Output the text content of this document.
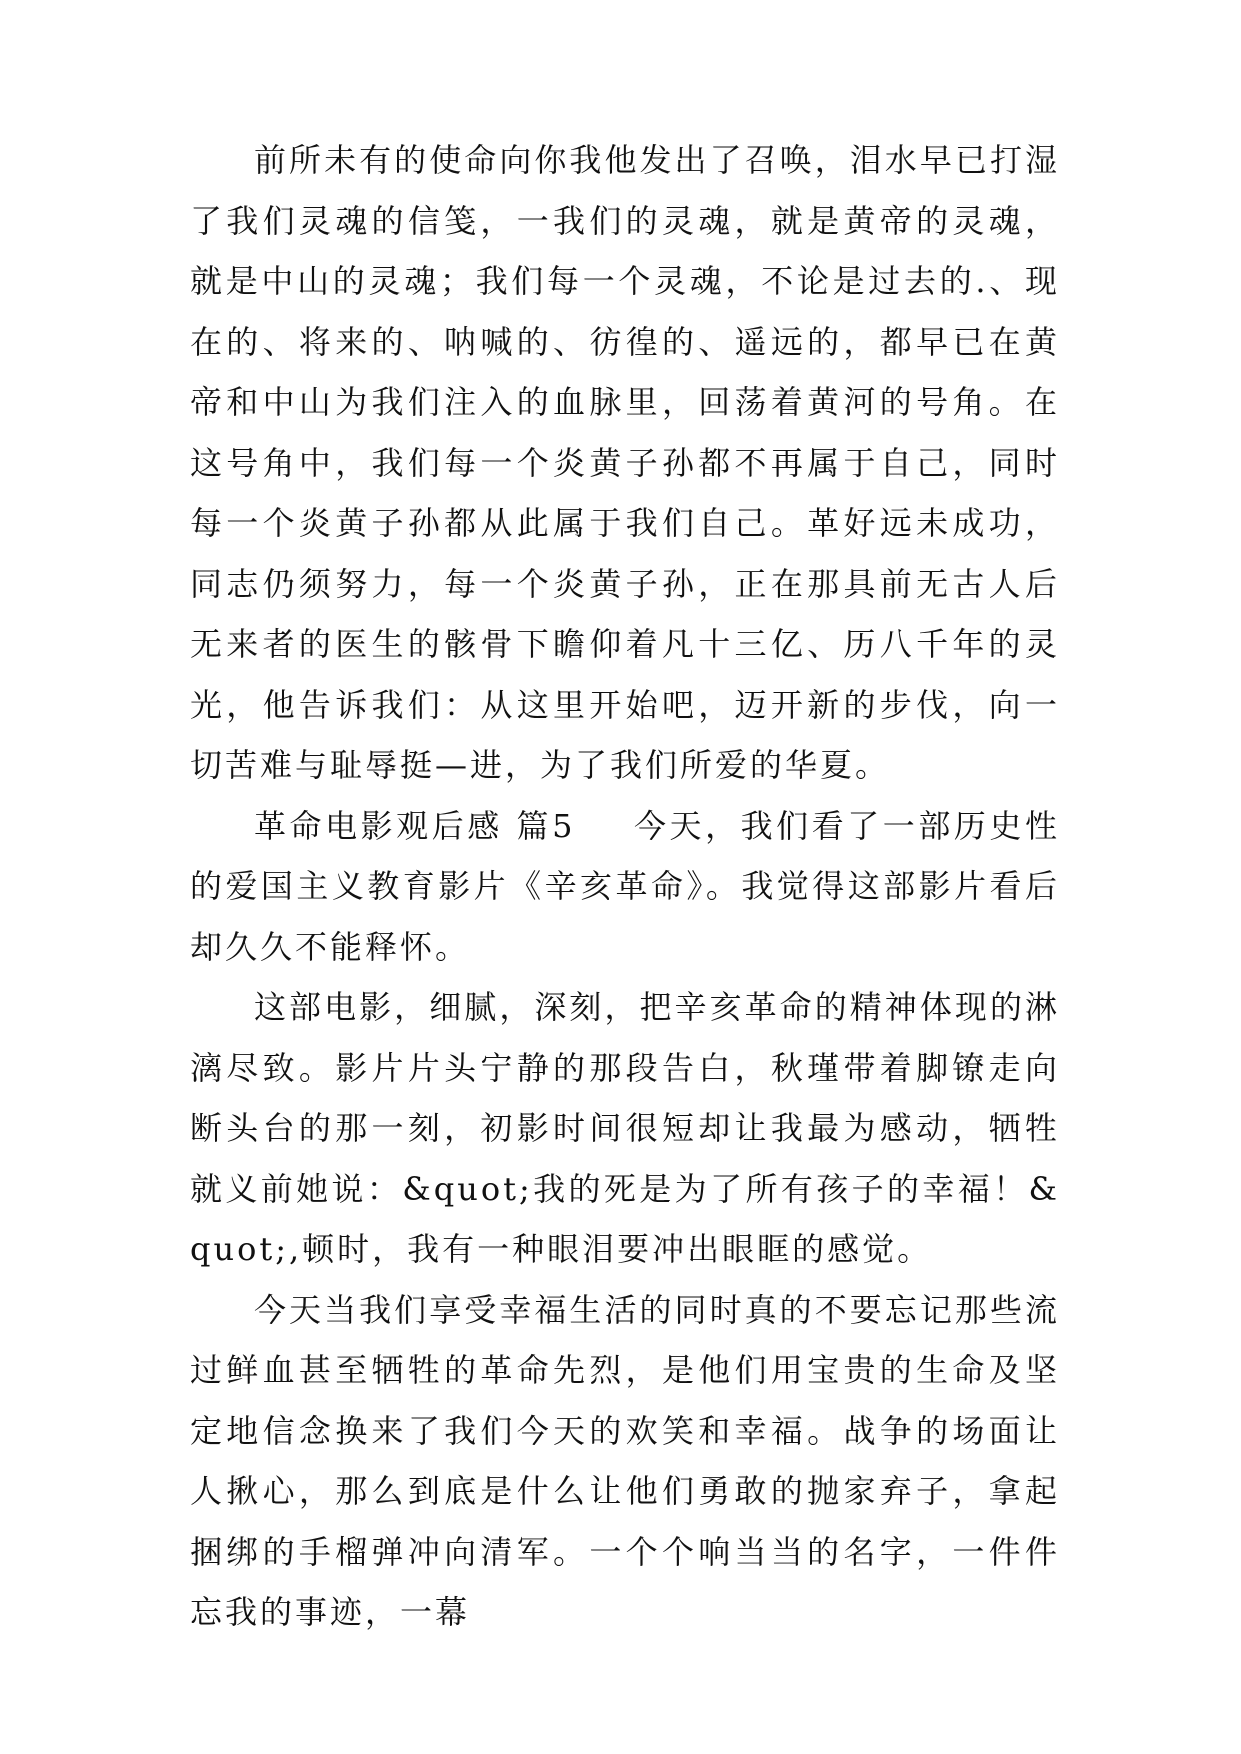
前所未有的使命向你我他发出了召唤，泪水早已打湿了我们灵魂的信笺，一我们的灵魂，就是黄帝的灵魂，就是中山的灵魂；我们每一个灵魂，不论是过去的.、现在的、将来的、呐喊的、彷徨的、遥远的，都早已在黄帝和中山为我们注入的血脉里，回荡着黄河的号角。在这号角中，我们每一个炎黄子孙都不再属于自己，同时每一个炎黄子孙都从此属于我们自己。革好远未成功，同志仍须努力，每一个炎黄子孙，正在那具前无古人后无来者的医生的骸骨下瞻仰着凡十三亿、历八千年的灵光，他告诉我们：从这里开始吧，迈开新的步伐，向一切苦难与耻辱挺—进，为了我们所爱的华夏。

革命电影观后感 篇5 今天，我们看了一部历史性的爱国主义教育影片《辛亥革命》。我觉得这部影片看后却久久不能释怀。

这部电影，细腻，深刻，把辛亥革命的精神体现的淋漓尽致。影片片头宁静的那段告白，秋瑾带着脚镣走向断头台的那一刻，初影时间很短却让我最为感动，牺牲就义前她说：&quot;我的死是为了所有孩子的幸福！&quot;,顿时，我有一种眼泪要冲出眼眶的感觉。

今天当我们享受幸福生活的同时真的不要忘记那些流过鲜血甚至牺牲的革命先烈，是他们用宝贵的生命及坚定地信念换来了我们今天的欢笑和幸福。战争的场面让人揪心，那么到底是什么让他们勇敢的抛家弃子，拿起捆绑的手榴弹冲向清军。一个个响当当的名字，一件件忘我的事迹，一幕
